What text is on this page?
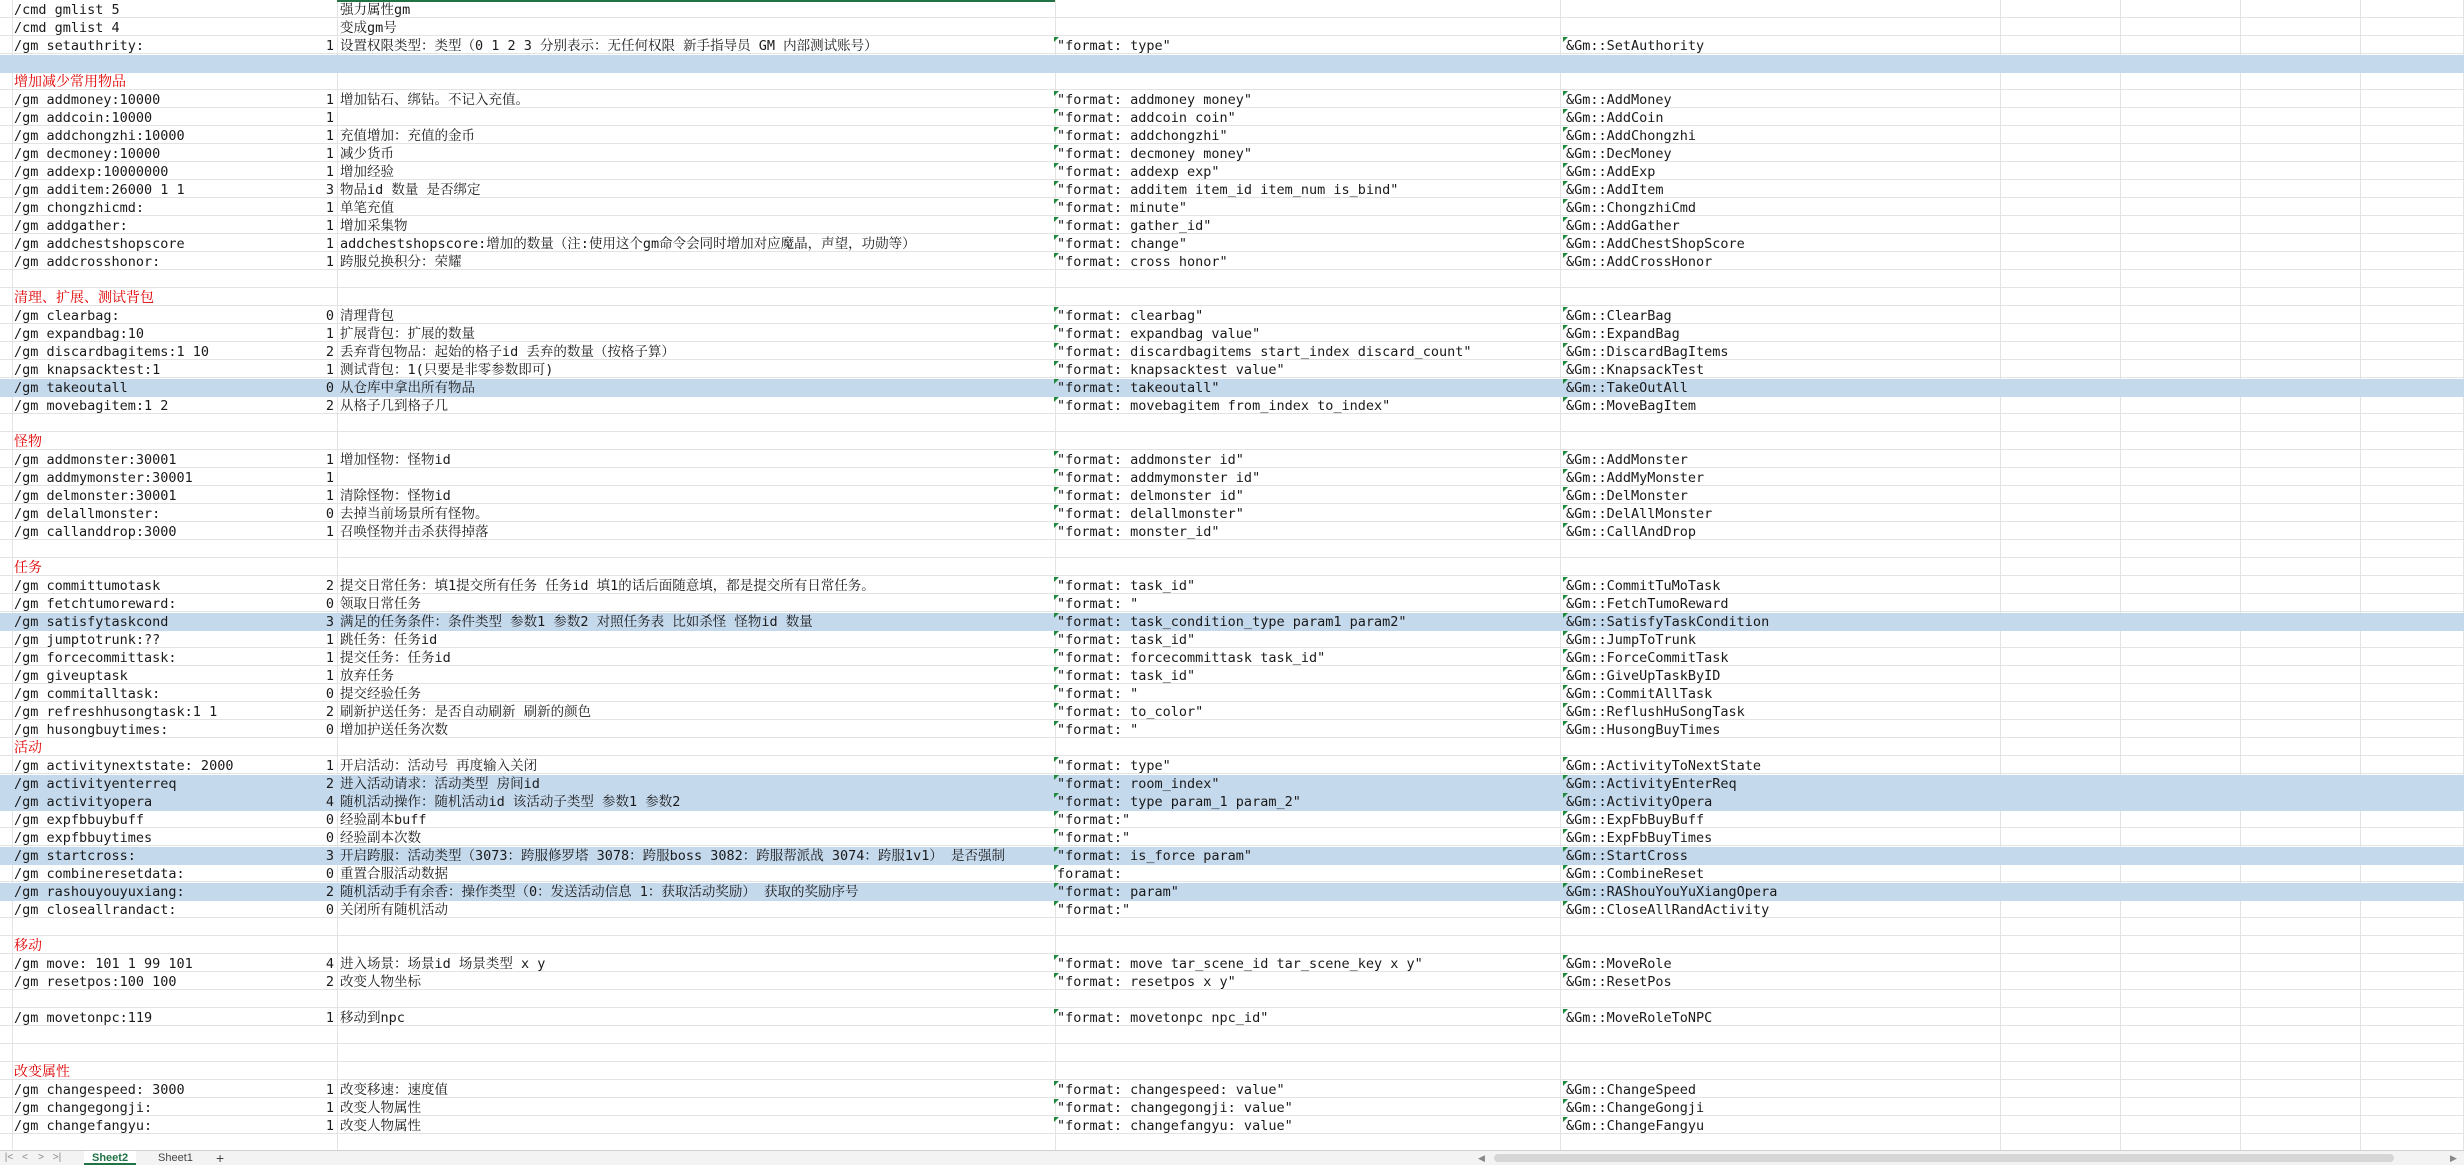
/cmd gmlist 5	强力属性gm
/cmd gmlist 4	变成gm号
/gm setauthrity:	1 设置权限类型：类型（0 1 2 3 分别表示：无任何权限 新手指导员 GM 内部测试账号）	"format: type"	&Gm::SetAuthority
增加减少常用物品
/gm addmoney:10000	1 增加钻石、绑钻。不记入充值。	"format: addmoney money"	&Gm::AddMoney
/gm addcoin:10000	1	"format: addcoin coin"	&Gm::AddCoin
/gm addchongzhi:10000	1 充值增加：充值的金币	"format: addchongzhi"	&Gm::AddChongzhi
/gm decmoney:10000	1 减少货币	"format: decmoney money"	&Gm::DecMoney
/gm addexp:10000000	1 增加经验	"format: addexp exp"	&Gm::AddExp
/gm additem:26000 1 1	3 物品id 数量 是否绑定	"format: additem item_id item_num is_bind"	&Gm::AddItem
/gm chongzhicmd:	1 单笔充值	"format: minute"	&Gm::ChongzhiCmd
/gm addgather:	1 增加采集物	"format: gather_id"	&Gm::AddGather
/gm addchestshopscore	1 addchestshopscore:增加的数量（注:使用这个gm命令会同时增加对应魔晶，声望，功勋等）	"format: change"	&Gm::AddChestShopScore
/gm addcrosshonor:	1 跨服兑换积分：荣耀	"format: cross honor"	&Gm::AddCrossHonor
清理、扩展、测试背包
/gm clearbag:	0 清理背包	"format: clearbag"	&Gm::ClearBag
/gm expandbag:10	1 扩展背包：扩展的数量	"format: expandbag value"	&Gm::ExpandBag
/gm discardbagitems:1 10	2 丢弃背包物品：起始的格子id 丢弃的数量（按格子算）	"format: discardbagitems start_index discard_count"	&Gm::DiscardBagItems
/gm knapsacktest:1	1 测试背包：1(只要是非零参数即可)	"format: knapsacktest value"	&Gm::KnapsackTest
/gm takeoutall	0 从仓库中拿出所有物品	"format: takeoutall"	&Gm::TakeOutAll
/gm movebagitem:1 2	2 从格子几到格子几	"format: movebagitem from_index to_index"	&Gm::MoveBagItem
怪物
/gm addmonster:30001	1 增加怪物：怪物id	"format: addmonster id"	&Gm::AddMonster
/gm addmymonster:30001	1	"format: addmymonster id"	&Gm::AddMyMonster
/gm delmonster:30001	1 清除怪物：怪物id	"format: delmonster id"	&Gm::DelMonster
/gm delallmonster:	0 去掉当前场景所有怪物。	"format: delallmonster"	&Gm::DelAllMonster
/gm callanddrop:3000	1 召唤怪物并击杀获得掉落	"format: monster_id"	&Gm::CallAndDrop
任务
/gm committumotask	2 提交日常任务：填1提交所有任务 任务id 填1的话后面随意填，都是提交所有日常任务。	"format: task_id"	&Gm::CommitTuMoTask
/gm fetchtumoreward:	0 领取日常任务	"format: "	&Gm::FetchTumoReward
/gm satisfytaskcond	3 满足的任务条件：条件类型 参数1 参数2 对照任务表 比如杀怪 怪物id 数量	"format: task_condition_type param1 param2"	&Gm::SatisfyTaskCondition
/gm jumptotrunk:??	1 跳任务：任务id	"format: task_id"	&Gm::JumpToTrunk
/gm forcecommittask:	1 提交任务：任务id	"format: forcecommittask task_id"	&Gm::ForceCommitTask
/gm giveuptask	1 放弃任务	"format: task_id"	&Gm::GiveUpTaskByID
/gm commitalltask:	0 提交经验任务	"format: "	&Gm::CommitAllTask
/gm refreshhusongtask:1 1	2 刷新护送任务：是否自动刷新 刷新的颜色	"format: to_color"	&Gm::ReflushHuSongTask
/gm husongbuytimes:	0 增加护送任务次数	"format: "	&Gm::HusongBuyTimes
活动
/gm activitynextstate: 2000	1 开启活动：活动号 再度输入关闭	"format: type"	&Gm::ActivityToNextState
/gm activityenterreq	2 进入活动请求：活动类型 房间id	"format: room_index"	&Gm::ActivityEnterReq
/gm activityopera	4 随机活动操作：随机活动id 该活动子类型 参数1 参数2	"format: type param_1 param_2"	&Gm::ActivityOpera
/gm expfbbuybuff	0 经验副本buff	"format:"	&Gm::ExpFbBuyBuff
/gm expfbbuytimes	0 经验副本次数	"format:"	&Gm::ExpFbBuyTimes
/gm startcross:	3 开启跨服：活动类型（3073：跨服修罗塔 3078：跨服boss 3082：跨服帮派战 3074：跨服1v1） 是否强制	"format: is_force param"	&Gm::StartCross
/gm combineresetdata:	0 重置合服活动数据	foramat:	&Gm::CombineReset
/gm rashouyouyuxiang:	2 随机活动手有余香：操作类型（0：发送活动信息 1：获取活动奖励） 获取的奖励序号	"format: param"	&Gm::RAShouYouYuXiangOpera
/gm closeallrandact:	0 关闭所有随机活动	"format:"	&Gm::CloseAllRandActivity
移动
/gm move: 101 1 99 101	4 进入场景：场景id 场景类型 x y	"format: move tar_scene_id tar_scene_key x y"	&Gm::MoveRole
/gm resetpos:100 100	2 改变人物坐标	"format: resetpos x y"	&Gm::ResetPos
/gm movetonpc:119	1 移动到npc	"format: movetonpc npc_id"	&Gm::MoveRoleToNPC
改变属性
/gm changespeed: 3000	1 改变移速：速度值	"format: changespeed: value"	&Gm::ChangeSpeed
/gm changegongji:	1 改变人物属性	"format: changegongji: value"	&Gm::ChangeGongji
/gm changefangyu:	1 改变人物属性	"format: changefangyu: value"	&Gm::ChangeFangyu
|< <	> >|	Sheet2	Sheet1	+	◀	▶
